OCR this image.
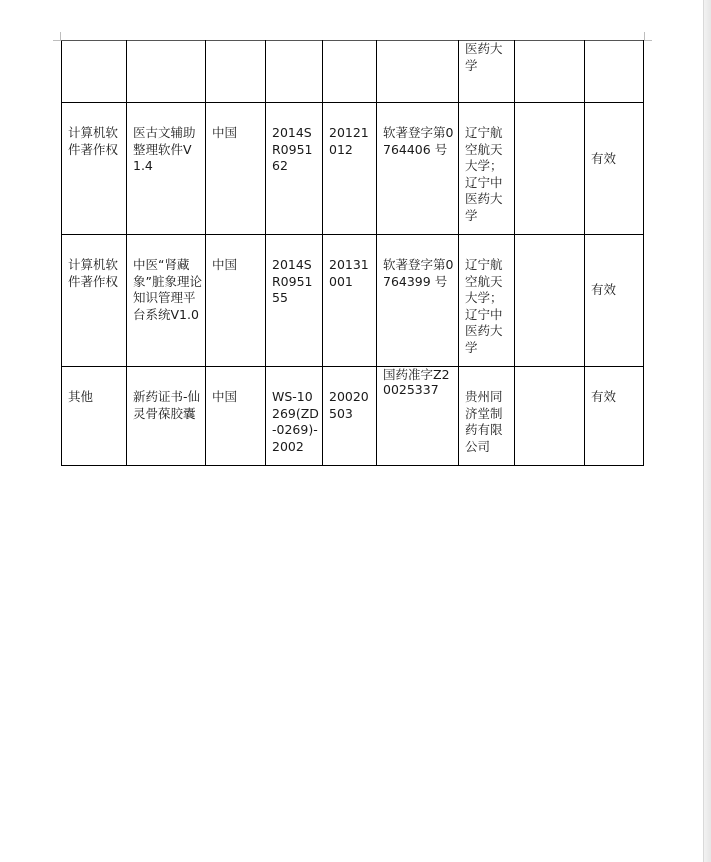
						医药大学		

计算机软件著作权	医古文辅助整理软件V1.4	中国	2014SR095162	20121012	软著登字第0764406 号	辽宁航空航天大学；辽宁中医药大学		有效

计算机软件著作权	中医“肾藏象”脏象理论知识管理平台系统V1.0	中国	2014SR095155	20131001	软著登字第0764399 号	辽宁航空航天大学；辽宁中医药大学		有效

其他	新药证书-仙灵骨葆胶囊	中国	WS-10269(ZD-0269)-2002	20020503	国药准字Z20025337	贵州同济堂制药有限公司		有效
